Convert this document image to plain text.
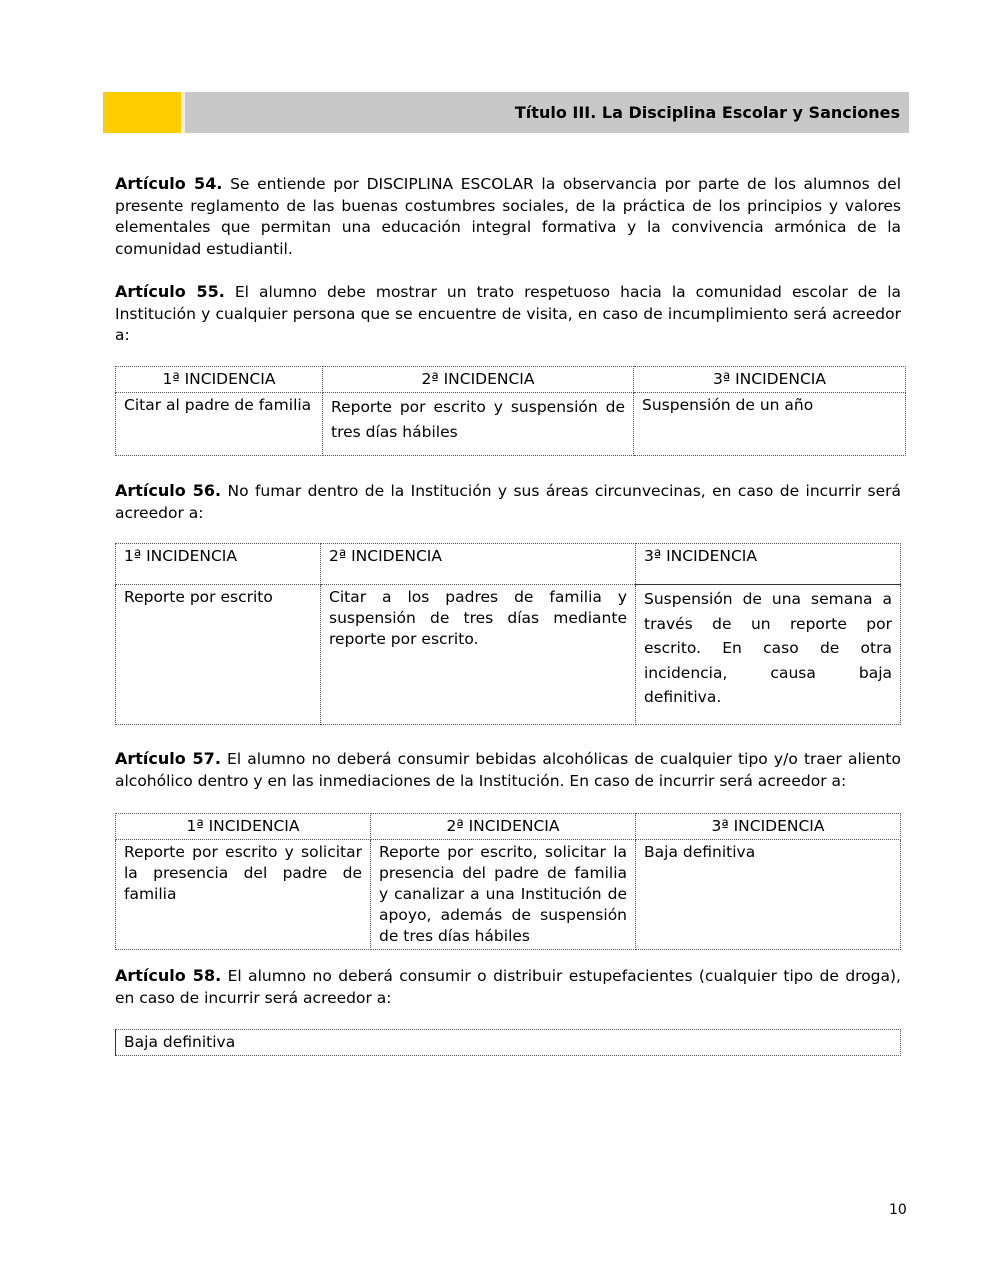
Título III. La Disciplina Escolar y Sanciones
Artículo 54. Se entiende por DISCIPLINA ESCOLAR la observancia por parte de los alumnos del presente reglamento de las buenas costumbres sociales, de la práctica de los principios y valores elementales que permitan una educación integral formativa y la convivencia armónica de la comunidad estudiantil.
Artículo 55. El alumno debe mostrar un trato respetuoso hacia la comunidad escolar de la Institución y cualquier persona que se encuentre de visita, en caso de incumplimiento será acreedor a:
1ª INCIDENCIA	2ª INCIDENCIA	3ª INCIDENCIA
Citar al padre de familia	Reporte por escrito y suspensión de tres días hábiles	Suspensión de un año
Artículo 56. No fumar dentro de la Institución y sus áreas circunvecinas, en caso de incurrir será acreedor a:
1ª INCIDENCIA	2ª INCIDENCIA	3ª INCIDENCIA
Reporte por escrito	Citar a los padres de familia y suspensión de tres días mediante reporte por escrito.	Suspensión de una semana a través de un reporte por escrito. En caso de otra incidencia, causa baja definitiva.
Artículo 57. El alumno no deberá consumir bebidas alcohólicas de cualquier tipo y/o traer aliento alcohólico dentro y en las inmediaciones de la Institución. En caso de incurrir será acreedor a:
1ª INCIDENCIA	2ª INCIDENCIA	3ª INCIDENCIA
Reporte por escrito y solicitar la presencia del padre de familia	Reporte por escrito, solicitar la presencia del padre de familia y canalizar a una Institución de apoyo, además de suspensión de tres días hábiles	Baja definitiva
Artículo 58. El alumno no deberá consumir o distribuir estupefacientes (cualquier tipo de droga), en caso de incurrir será acreedor a:
Baja definitiva
10
